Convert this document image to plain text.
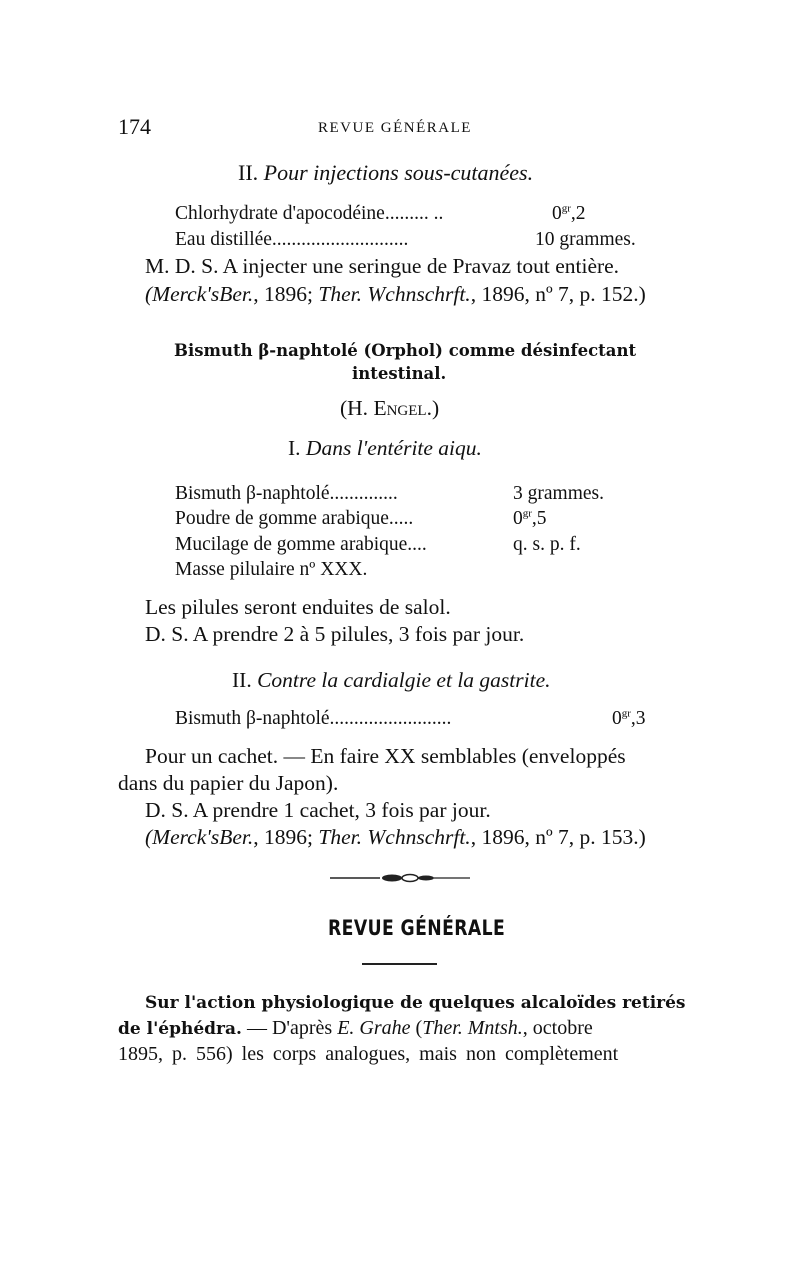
174	REVUE GÉNÉRALE
II. Pour injections sous-cutanées.
Chlorhydrate d'apocodéine......... ..	$0^{gr},2$
Eau distillée............................	10 grammes.
M. D. S. A injecter une seringue de Pravaz tout entière.
(Merck'sBer., 1896; Ther. Wchnschrft., 1896, nº 7, p. 152.)
Bismuth β-naphtolé (Orphol) comme désinfectant
intestinal.
(H. Engel.)
I. Dans l'entérite aiqu.
Bismuth β-naphtolé..............	3 grammes.
Poudre de gomme arabique.....	$0^{gr},5$
Mucilage de gomme arabique....	q. s. p. f.
Masse pilulaire nº XXX.
Les pilules seront enduites de salol.
D. S. A prendre 2 à 5 pilules, 3 fois par jour.
II. Contre la cardialgie et la gastrite.
Bismuth β-naphtolé.........................	$0^{gr},3$
Pour un cachet. — En faire XX semblables (enveloppés
dans du papier du Japon).
D. S. A prendre 1 cachet, 3 fois par jour.
(Merck'sBer., 1896; Ther. Wchnschrft., 1896, nº 7, p. 153.)
REVUE GÉNÉRALE
Sur l'action physiologique de quelques alcaloïdes retirés
de l'éphédra. — D'après E. Grahe (Ther. Mntsh., octobre
1895, p. 556) les corps analogues, mais non complètement
